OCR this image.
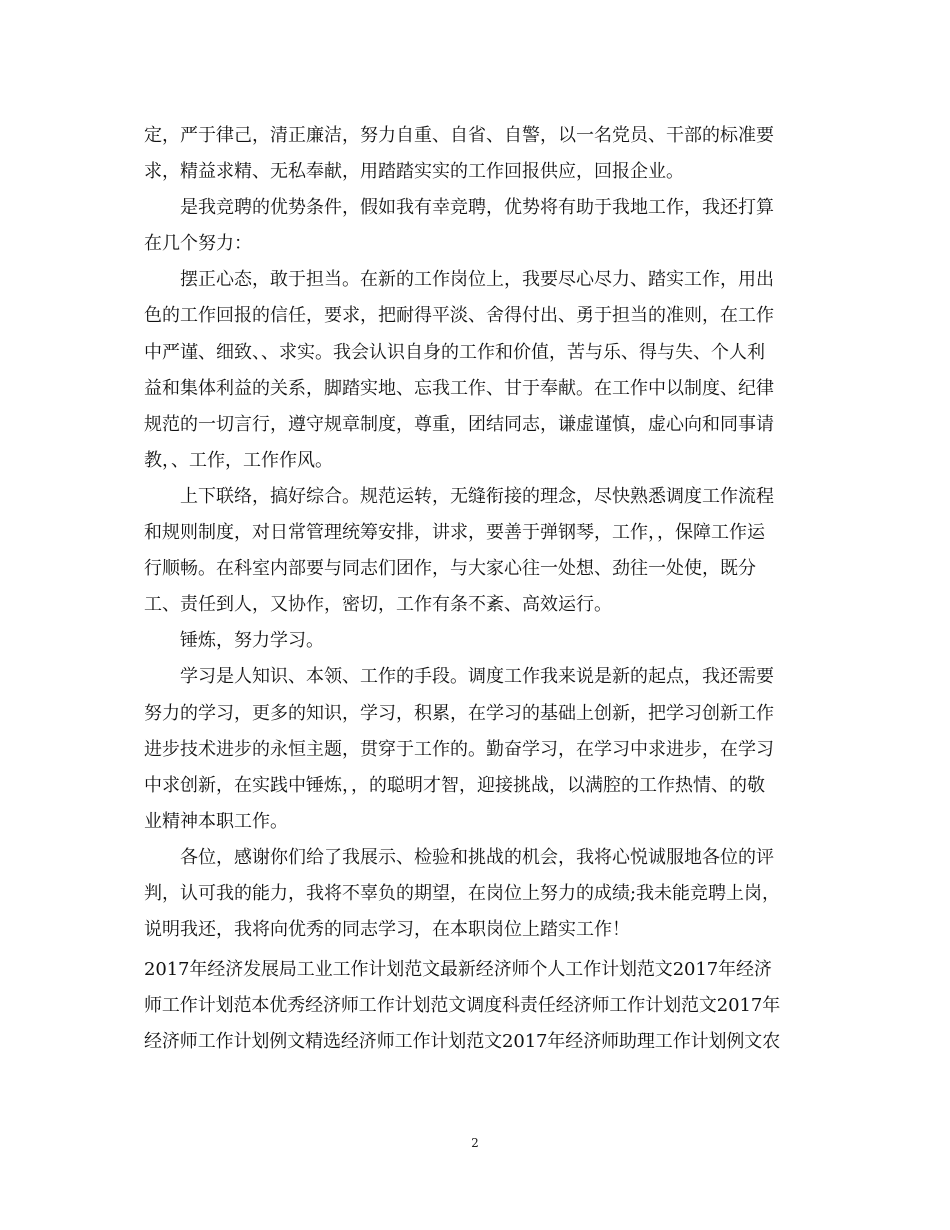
定，严于律己，清正廉洁，努力自重、自省、自警，以一名党员、干部的标准要
求，精益求精、无私奉献，用踏踏实实的工作回报供应，回报企业。
是我竞聘的优势条件，假如我有幸竞聘，优势将有助于我地工作，我还打算
在几个努力：
摆正心态，敢于担当。在新的工作岗位上，我要尽心尽力、踏实工作，用出
色的工作回报的信任，要求，把耐得平淡、舍得付出、勇于担当的准则，在工作
中严谨、细致、、求实。我会认识自身的工作和价值，苦与乐、得与失、个人利
益和集体利益的关系，脚踏实地、忘我工作、甘于奉献。在工作中以制度、纪律
规范的一切言行，遵守规章制度，尊重，团结同志，谦虚谨慎，虚心向和同事请
教，、工作，工作作风。
上下联络，搞好综合。规范运转，无缝衔接的理念，尽快熟悉调度工作流程
和规则制度，对日常管理统筹安排，讲求，要善于弹钢琴，工作，，保障工作运
行顺畅。在科室内部要与同志们团作，与大家心往一处想、劲往一处使，既分
工、责任到人，又协作，密切，工作有条不紊、高效运行。
锤炼，努力学习。
学习是人知识、本领、工作的手段。调度工作我来说是新的起点，我还需要
努力的学习，更多的知识，学习，积累，在学习的基础上创新，把学习创新工作
进步技术进步的永恒主题，贯穿于工作的。勤奋学习，在学习中求进步，在学习
中求创新，在实践中锤炼，，的聪明才智，迎接挑战，以满腔的工作热情、的敬
业精神本职工作。
各位，感谢你们给了我展示、检验和挑战的机会，我将心悦诚服地各位的评
判，认可我的能力，我将不辜负的期望，在岗位上努力的成绩;我未能竞聘上岗，
说明我还，我将向优秀的同志学习，在本职岗位上踏实工作！
2017年经济发展局工业工作计划范文最新经济师个人工作计划范文2017年经济
师工作计划范本优秀经济师工作计划范文调度科责任经济师工作计划范文2017年
经济师工作计划例文精选经济师工作计划范文2017年经济师助理工作计划例文农
2
